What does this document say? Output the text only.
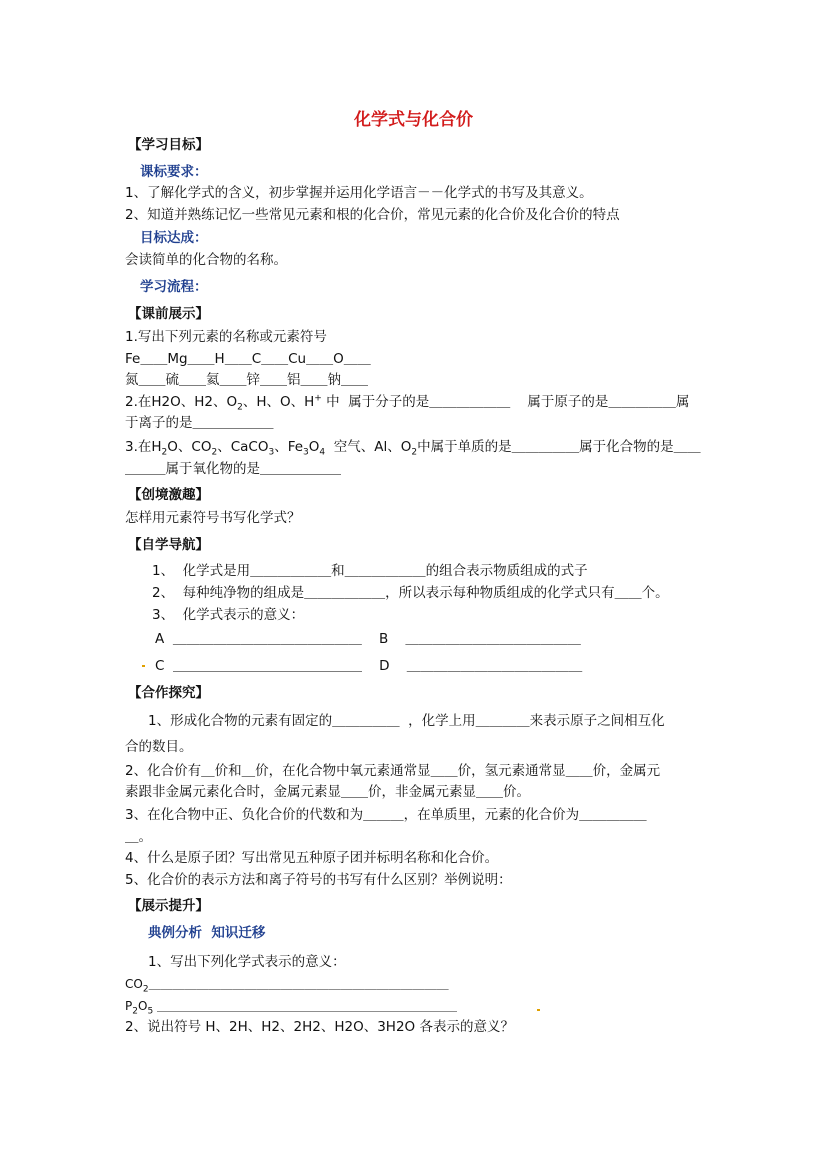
化学式与化合价
【学习目标】
课标要求：
1、了解化学式的含义，初步掌握并运用化学语言－－化学式的书写及其意义。
2、知道并熟练记忆一些常见元素和根的化合价，常见元素的化合价及化合价的特点
目标达成：
会读简单的化合物的名称。
学习流程：
【课前展示】
1.写出下列元素的名称或元素符号
Fe＿＿Mg＿＿H＿＿C＿＿Cu＿＿O＿＿
氮＿＿硫＿＿氦＿＿锌＿＿铝＿＿钠＿＿
2.在H2O、H2、$O_2$、H、O、H+ 中  属于分子的是＿＿＿＿＿＿    属于原子的是＿＿＿＿＿属
于离子的是＿＿＿＿＿＿
3.在$H_2O$、$CO_2$、CaCO$_3$、$Fe_3O_4$  空气、Al、$O_2$中属于单质的是＿＿＿＿＿属于化合物的是＿＿
＿＿＿属于氧化物的是＿＿＿＿＿＿
【创境激趣】
怎样用元素符号书写化学式？
【自学导航】
1、  化学式是用＿＿＿＿＿＿和＿＿＿＿＿＿的组合表示物质组成的式子
2、  每种纯净物的组成是＿＿＿＿＿＿，所以表示每种物质组成的化学式只有＿＿个。
3、  化学式表示的意义：
A  ＿＿＿＿＿＿＿＿＿＿＿＿＿＿    B    ＿＿＿＿＿＿＿＿＿＿＿＿＿
C  ＿＿＿＿＿＿＿＿＿＿＿＿＿＿    D    ＿＿＿＿＿＿＿＿＿＿＿＿＿
【合作探究】
1、形成化合物的元素有固定的＿＿＿＿＿  ，化学上用＿＿＿＿来表示原子之间相互化
合的数目。
2、化合价有＿价和＿价，在化合物中氧元素通常显＿＿价，氢元素通常显＿＿价，金属元
素跟非金属元素化合时，金属元素显＿＿价，非金属元素显＿＿价。
3、在化合物中正、负化合价的代数和为＿＿＿，在单质里，元素的化合价为＿＿＿＿＿
＿。
4、什么是原子团？写出常见五种原子团并标明名称和化合价。
5、化合价的表示方法和离子符号的书写有什么区别？举例说明：
【展示提升】
典例分析  知识迁移
1、写出下列化学式表示的意义：
$CO_2\_\_\_\_\_\_\_\_\_\_\_\_\_\_\_\_\_\_\_\_\_\_\_\_\_$
$P_2O_5$ ＿＿＿＿＿＿＿＿＿＿＿＿＿＿＿＿＿＿＿＿＿＿＿＿＿
2、说出符号 H、2H、H2、2H2、H2O、3H2O 各表示的意义？
